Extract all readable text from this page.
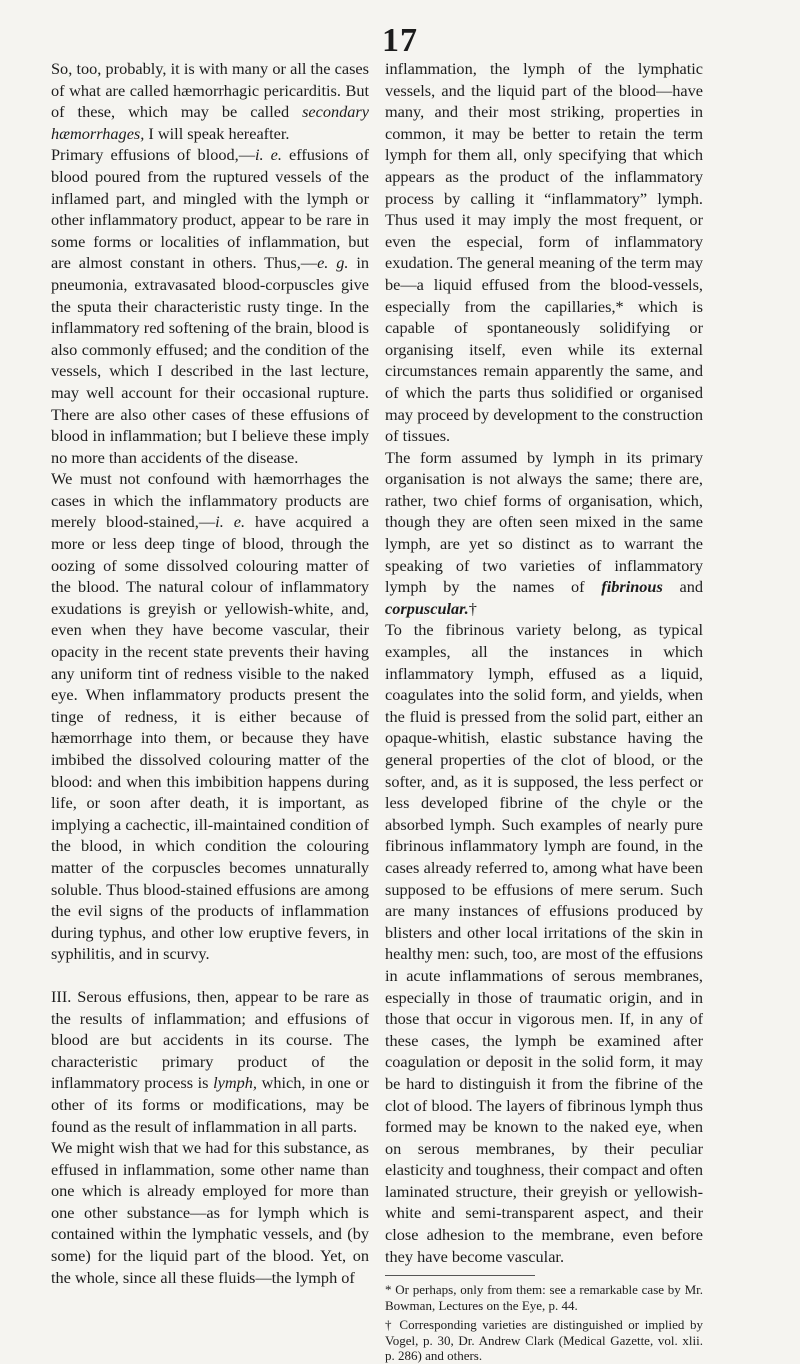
17

So, too, probably, it is with many or all the cases of what are called hæmorrhagic pericarditis. But of these, which may be called secondary hæmorrhages, I will speak hereafter.

Primary effusions of blood,—i. e. effusions of blood poured from the ruptured vessels of the inflamed part, and mingled with the lymph or other inflammatory product, appear to be rare in some forms or localities of inflammation, but are almost constant in others. Thus,—e. g. in pneumonia, extravasated blood-corpuscles give the sputa their characteristic rusty tinge. In the inflammatory red softening of the brain, blood is also commonly effused; and the condition of the vessels, which I described in the last lecture, may well account for their occasional rupture. There are also other cases of these effusions of blood in inflammation; but I believe these imply no more than accidents of the disease.

We must not confound with hæmorrhages the cases in which the inflammatory products are merely blood-stained,—i. e. have acquired a more or less deep tinge of blood, through the oozing of some dissolved colouring matter of the blood. The natural colour of inflammatory exudations is greyish or yellowish-white, and, even when they have become vascular, their opacity in the recent state prevents their having any uniform tint of redness visible to the naked eye. When inflammatory products present the tinge of redness, it is either because of hæmorrhage into them, or because they have imbibed the dissolved colouring matter of the blood: and when this imbibition happens during life, or soon after death, it is important, as implying a cachectic, ill-maintained condition of the blood, in which condition the colouring matter of the corpuscles becomes unnaturally soluble. Thus blood-stained effusions are among the evil signs of the products of inflammation during typhus, and other low eruptive fevers, in syphilitis, and in scurvy.

III. Serous effusions, then, appear to be rare as the results of inflammation; and effusions of blood are but accidents in its course. The characteristic primary product of the inflammatory process is lymph, which, in one or other of its forms or modifications, may be found as the result of inflammation in all parts.

We might wish that we had for this substance, as effused in inflammation, some other name than one which is already employed for more than one other substance—as for lymph which is contained within the lymphatic vessels, and (by some) for the liquid part of the blood. Yet, on the whole, since all these fluids—the lymph of

inflammation, the lymph of the lymphatic vessels, and the liquid part of the blood—have many, and their most striking, properties in common, it may be better to retain the term lymph for them all, only specifying that which appears as the product of the inflammatory process by calling it “inflammatory” lymph. Thus used it may imply the most frequent, or even the especial, form of inflammatory exudation. The general meaning of the term may be—a liquid effused from the blood-vessels, especially from the capillaries,* which is capable of spontaneously solidifying or organising itself, even while its external circumstances remain apparently the same, and of which the parts thus solidified or organised may proceed by development to the construction of tissues.

The form assumed by lymph in its primary organisation is not always the same; there are, rather, two chief forms of organisation, which, though they are often seen mixed in the same lymph, are yet so distinct as to warrant the speaking of two varieties of inflammatory lymph by the names of fibrinous and corpuscular.†

To the fibrinous variety belong, as typical examples, all the instances in which inflammatory lymph, effused as a liquid, coagulates into the solid form, and yields, when the fluid is pressed from the solid part, either an opaque-whitish, elastic substance having the general properties of the clot of blood, or the softer, and, as it is supposed, the less perfect or less developed fibrine of the chyle or the absorbed lymph. Such examples of nearly pure fibrinous inflammatory lymph are found, in the cases already referred to, among what have been supposed to be effusions of mere serum. Such are many instances of effusions produced by blisters and other local irritations of the skin in healthy men: such, too, are most of the effusions in acute inflammations of serous membranes, especially in those of traumatic origin, and in those that occur in vigorous men. If, in any of these cases, the lymph be examined after coagulation or deposit in the solid form, it may be hard to distinguish it from the fibrine of the clot of blood. The layers of fibrinous lymph thus formed may be known to the naked eye, when on serous membranes, by their peculiar elasticity and toughness, their compact and often laminated structure, their greyish or yellowish-white and semi-transparent aspect, and their close adhesion to the membrane, even before they have become vascular.

* Or perhaps, only from them: see a remarkable case by Mr. Bowman, Lectures on the Eye, p. 44.

† Corresponding varieties are distinguished or implied by Vogel, p. 30, Dr. Andrew Clark (Medical Gazette, vol. xlii. p. 286) and others.
